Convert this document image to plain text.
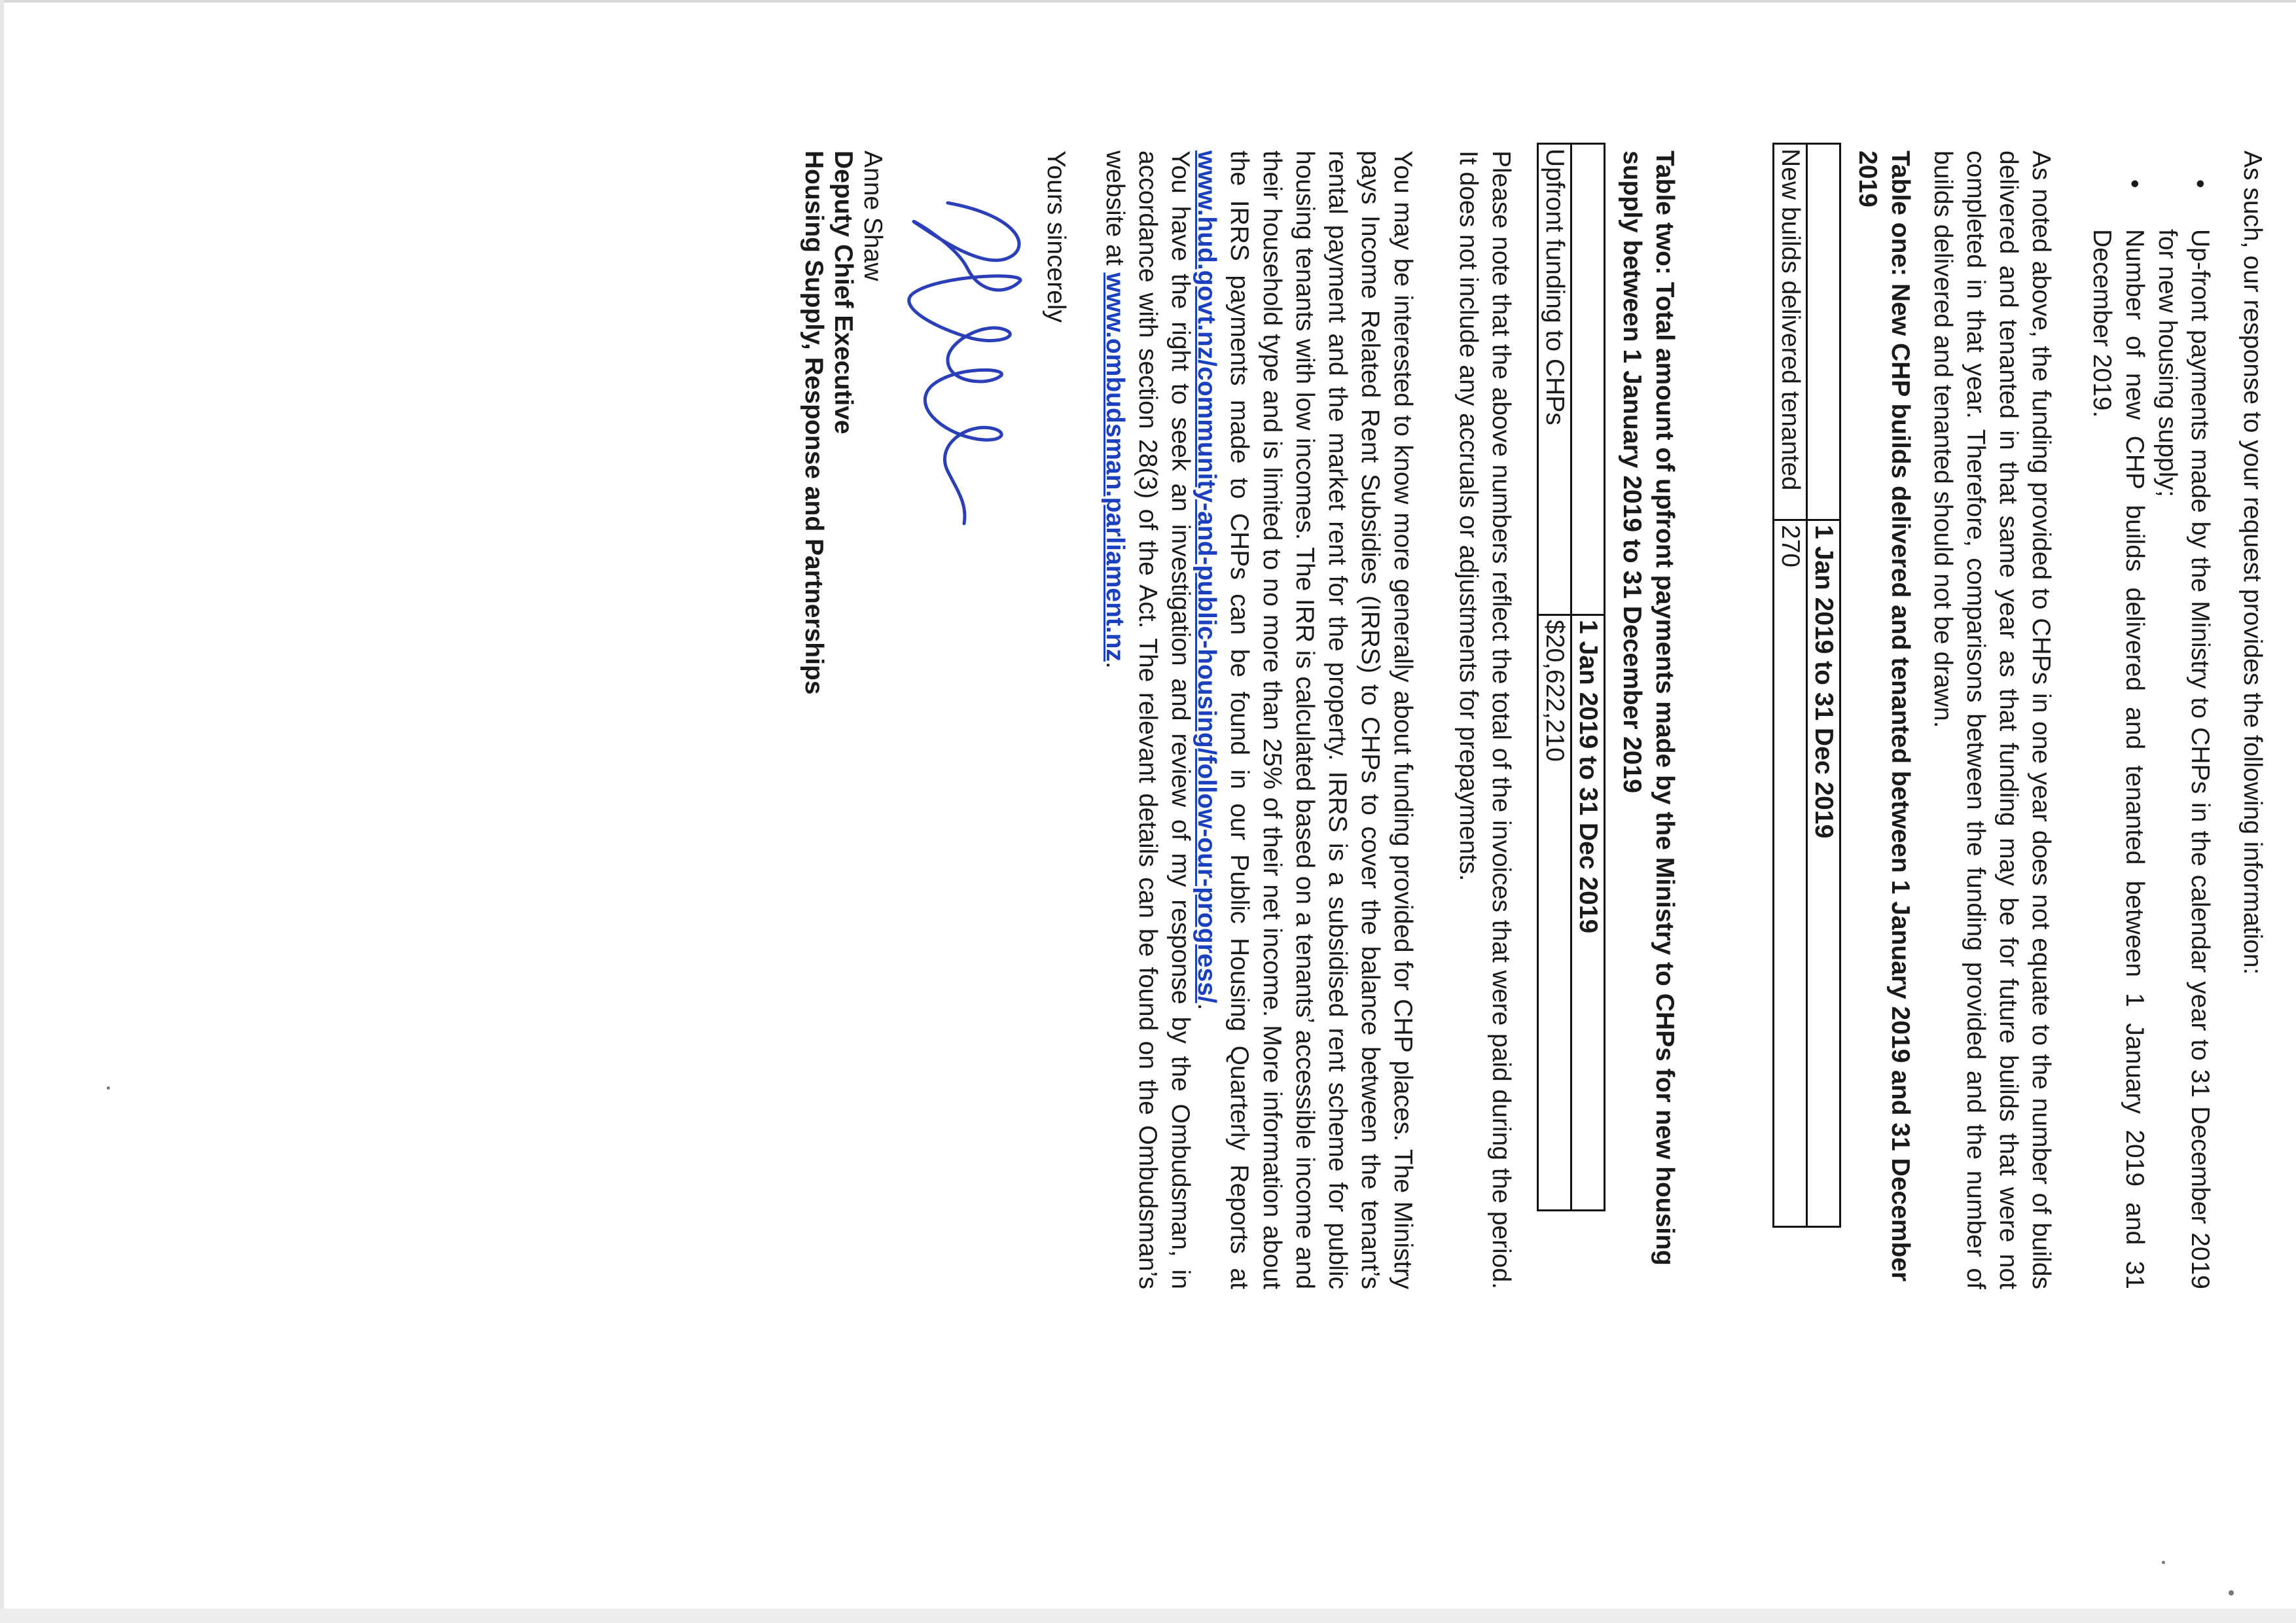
As such, our response to your request provides the following information:

•
Up-front payments made by the Ministry to CHPs in the calendar year to 31 December 2019 for new housing supply;
•
Number of new CHP builds delivered and tenanted between 1 January 2019 and 31 December 2019.

As noted above, the funding provided to CHPs in one year does not equate to the number of builds delivered and tenanted in that same year as that funding may be for future builds that were not completed in that year. Therefore, comparisons between the funding provided and the number of builds delivered and tenanted should not be drawn.

Table one: New CHP builds delivered and tenanted between 1 January 2019 and 31 December 2019

	1 Jan 2019 to 31 Dec 2019
New builds delivered tenanted	270

Table two: Total amount of upfront payments made by the Ministry to CHPs for new housing supply between 1 January 2019 to 31 December 2019

	1 Jan 2019 to 31 Dec 2019
Upfront funding to CHPs	$20,622,210

Please note that the above numbers reflect the total of the invoices that were paid during the period. It does not include any accruals or adjustments for prepayments.

You may be interested to know more generally about funding provided for CHP places. The Ministry pays Income Related Rent Subsidies (IRRS) to CHPs to cover the balance between the tenant’s rental payment and the market rent for the property. IRRS is a subsidised rent scheme for public housing tenants with low incomes. The IRR is calculated based on a tenants’ accessible income and their household type and is limited to no more than 25% of their net income. More information about the IRRS payments made to CHPs can be found in our Public Housing Quarterly Reports at www.hud.govt.nz/community-and-public-housing/follow-our-progress/.

You have the right to seek an investigation and review of my response by the Ombudsman, in accordance with section 28(3) of the Act. The relevant details can be found on the Ombudsman’s website at www.ombudsman.parliament.nz.

Yours sincerely

Anne Shaw

Deputy Chief Executive

Housing Supply, Response and Partnerships
